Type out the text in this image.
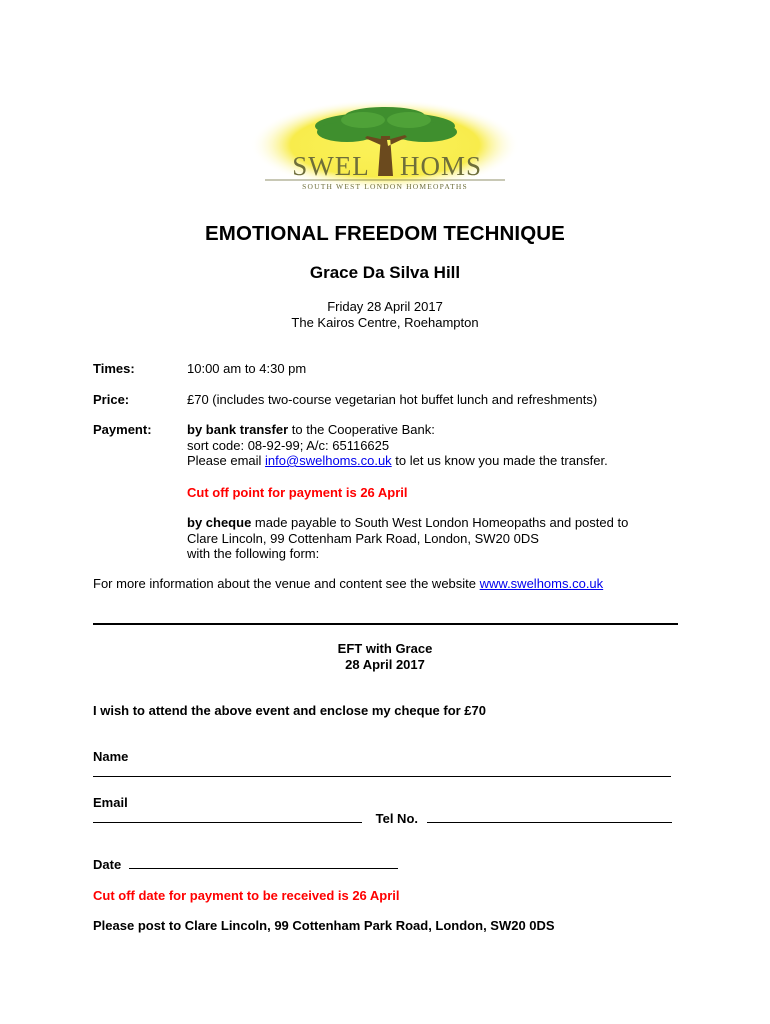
SWEL HOMS
SOUTH WEST LONDON HOMEOPATHS
EMOTIONAL FREEDOM TECHNIQUE
Grace Da Silva Hill
Friday 28 April 2017
The Kairos Centre, Roehampton
Times:	10:00 am to 4:30 pm
Price:	£70 (includes two-course vegetarian hot buffet lunch and refreshments)
Payment:	by bank transfer to the Cooperative Bank:
sort code: 08-92-99; A/c: 65116625
Please email info@swelhoms.co.uk to let us know you made the transfer.
Cut off point for payment is 26 April
by cheque made payable to South West London Homeopaths and posted to
Clare Lincoln, 99 Cottenham Park Road, London, SW20 0DS
with the following form:
For more information about the venue and content see the website www.swelhoms.co.uk
EFT with Grace
28 April 2017
I wish to attend the above event and enclose my cheque for £70
Name
Email
Tel No.
Date
Cut off date for payment to be received is 26 April
Please post to Clare Lincoln, 99 Cottenham Park Road, London, SW20 0DS
